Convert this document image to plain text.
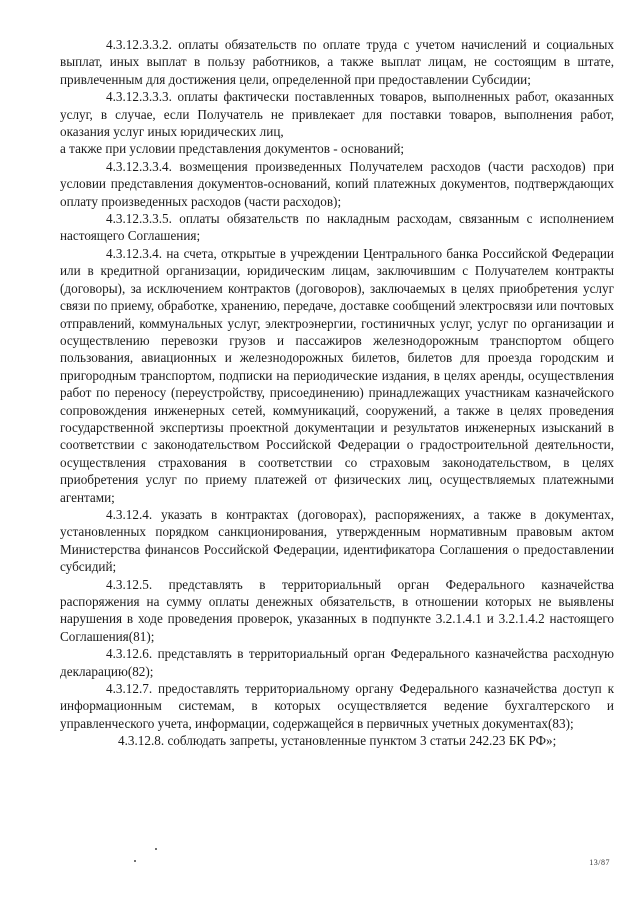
4.3.12.3.3.2. оплаты обязательств по оплате труда с учетом начислений и социальных выплат, иных выплат в пользу работников, а также выплат лицам, не состоящим в штате, привлеченным для достижения цели, определенной при предоставлении Субсидии;

4.3.12.3.3.3. оплаты фактически поставленных товаров, выполненных работ, оказанных услуг, в случае, если Получатель не привлекает для поставки товаров, выполнения работ, оказания услуг иных юридических лиц,

а также при условии представления документов - оснований;

4.3.12.3.3.4. возмещения произведенных Получателем расходов (части расходов) при условии представления документов-оснований, копий платежных документов, подтверждающих оплату произведенных расходов (части расходов);

4.3.12.3.3.5. оплаты обязательств по накладным расходам, связанным с исполнением настоящего Соглашения;

4.3.12.3.4. на счета, открытые в учреждении Центрального банка Российской Федерации или в кредитной организации, юридическим лицам, заключившим с Получателем контракты (договоры), за исключением контрактов (договоров), заключаемых в целях приобретения услуг связи по приему, обработке, хранению, передаче, доставке сообщений электросвязи или почтовых отправлений, коммунальных услуг, электроэнергии, гостиничных услуг, услуг по организации и осуществлению перевозки грузов и пассажиров железнодорожным транспортом общего пользования, авиационных и железнодорожных билетов, билетов для проезда городским и пригородным транспортом, подписки на периодические издания, в целях аренды, осуществления работ по переносу (переустройству, присоединению) принадлежащих участникам казначейского сопровождения инженерных сетей, коммуникаций, сооружений, а также в целях проведения государственной экспертизы проектной документации и результатов инженерных изысканий в соответствии с законодательством Российской Федерации о градостроительной деятельности, осуществления страхования в соответствии со страховым законодательством, в целях приобретения услуг по приему платежей от физических лиц, осуществляемых платежными агентами;

4.3.12.4. указать в контрактах (договорах), распоряжениях, а также в документах, установленных порядком санкционирования, утвержденным нормативным правовым актом Министерства финансов Российской Федерации, идентификатора Соглашения о предоставлении субсидий;

4.3.12.5. представлять в территориальный орган Федерального казначейства распоряжения на сумму оплаты денежных обязательств, в отношении которых не выявлены нарушения в ходе проведения проверок, указанных в подпункте 3.2.1.4.1 и 3.2.1.4.2 настоящего Соглашения(81);

4.3.12.6. представлять в территориальный орган Федерального казначейства расходную декларацию(82);

4.3.12.7. предоставлять территориальному органу Федерального казначейства доступ к информационным системам, в которых осуществляется ведение бухгалтерского и управленческого учета, информации, содержащейся в первичных учетных документах(83);

4.3.12.8. соблюдать запреты, установленные пунктом 3 статьи 242.23 БК РФ»;

13/87
